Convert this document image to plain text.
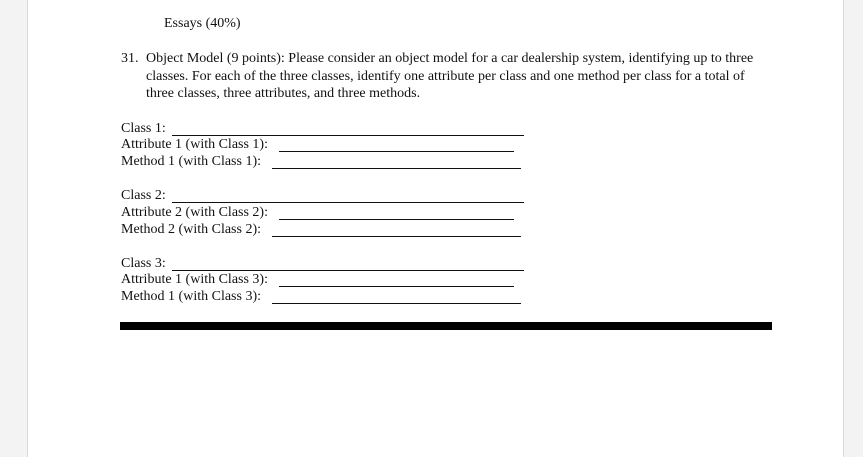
Essays (40%)
31. Object Model (9 points): Please consider an object model for a car dealership system, identifying up to three classes. For each of the three classes, identify one attribute per class and one method per class for a total of three classes, three attributes, and three methods.
Class 1:
Attribute 1 (with Class 1):
Method 1 (with Class 1):
Class 2:
Attribute 2 (with Class 2):
Method 2 (with Class 2):
Class 3:
Attribute 1 (with Class 3):
Method 1 (with Class 3):
